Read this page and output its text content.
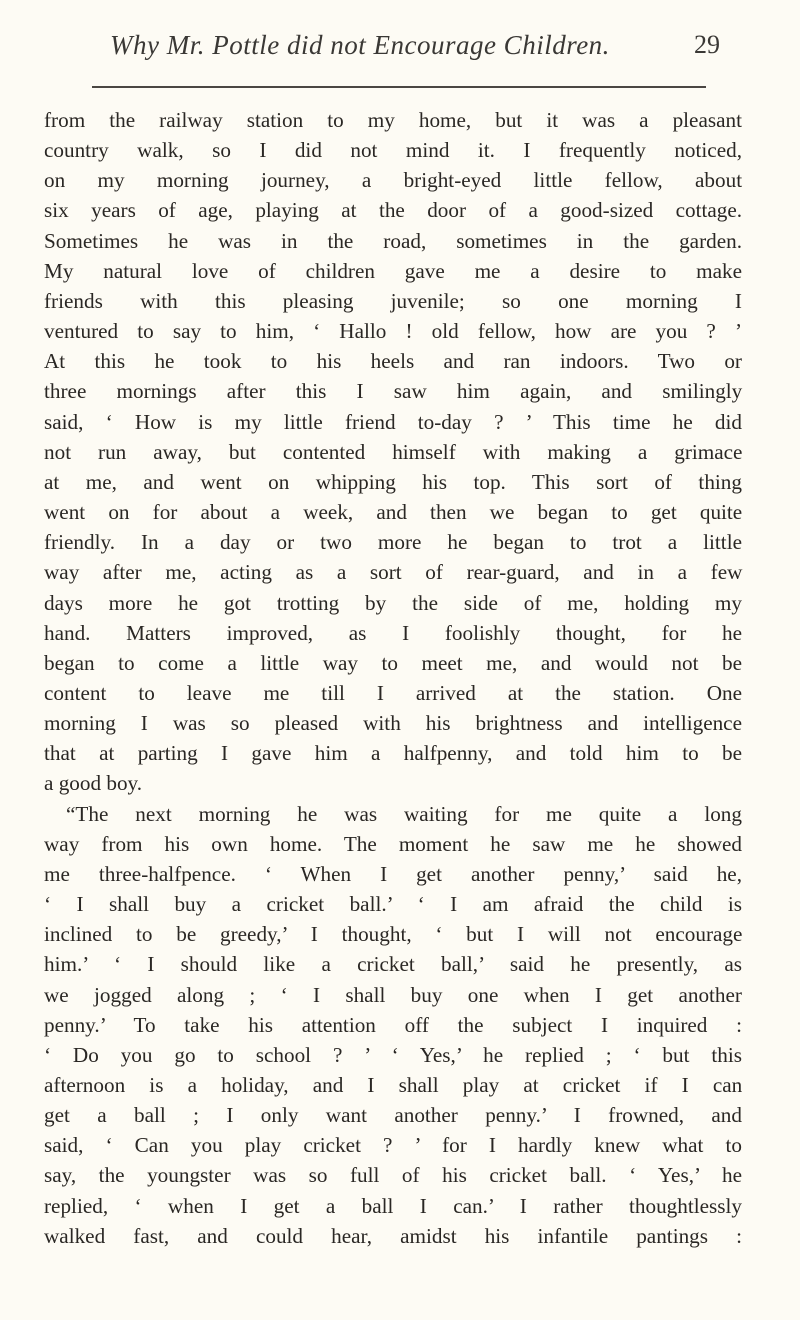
Why Mr. Pottle did not Encourage Children.	29
from the railway station to my home, but it was a pleasant
country walk, so I did not mind it. I frequently noticed,
on my morning journey, a bright-eyed little fellow, about
six years of age, playing at the door of a good-sized cottage.
Sometimes he was in the road, sometimes in the garden.
My natural love of children gave me a desire to make
friends with this pleasing juvenile; so one morning I
ventured to say to him, ‘ Hallo ! old fellow, how are you ? ’
At this he took to his heels and ran indoors. Two or
three mornings after this I saw him again, and smilingly
said, ‘ How is my little friend to-day ? ’ This time he did
not run away, but contented himself with making a grimace
at me, and went on whipping his top. This sort of thing
went on for about a week, and then we began to get quite
friendly. In a day or two more he began to trot a little
way after me, acting as a sort of rear-guard, and in a few
days more he got trotting by the side of me, holding my
hand. Matters improved, as I foolishly thought, for he
began to come a little way to meet me, and would not be
content to leave me till I arrived at the station. One
morning I was so pleased with his brightness and intelligence
that at parting I gave him a halfpenny, and told him to be
a good boy.
“The next morning he was waiting for me quite a long
way from his own home. The moment he saw me he showed
me three-halfpence. ‘ When I get another penny,’ said he,
‘ I shall buy a cricket ball.’ ‘ I am afraid the child is
inclined to be greedy,’ I thought, ‘ but I will not encourage
him.’ ‘ I should like a cricket ball,’ said he presently, as
we jogged along ; ‘ I shall buy one when I get another
penny.’ To take his attention off the subject I inquired :
‘ Do you go to school ? ’ ‘ Yes,’ he replied ; ‘ but this
afternoon is a holiday, and I shall play at cricket if I can
get a ball ; I only want another penny.’ I frowned, and
said, ‘ Can you play cricket ? ’ for I hardly knew what to
say, the youngster was so full of his cricket ball. ‘ Yes,’ he
replied, ‘ when I get a ball I can.’ I rather thoughtlessly
walked fast, and could hear, amidst his infantile pantings :
